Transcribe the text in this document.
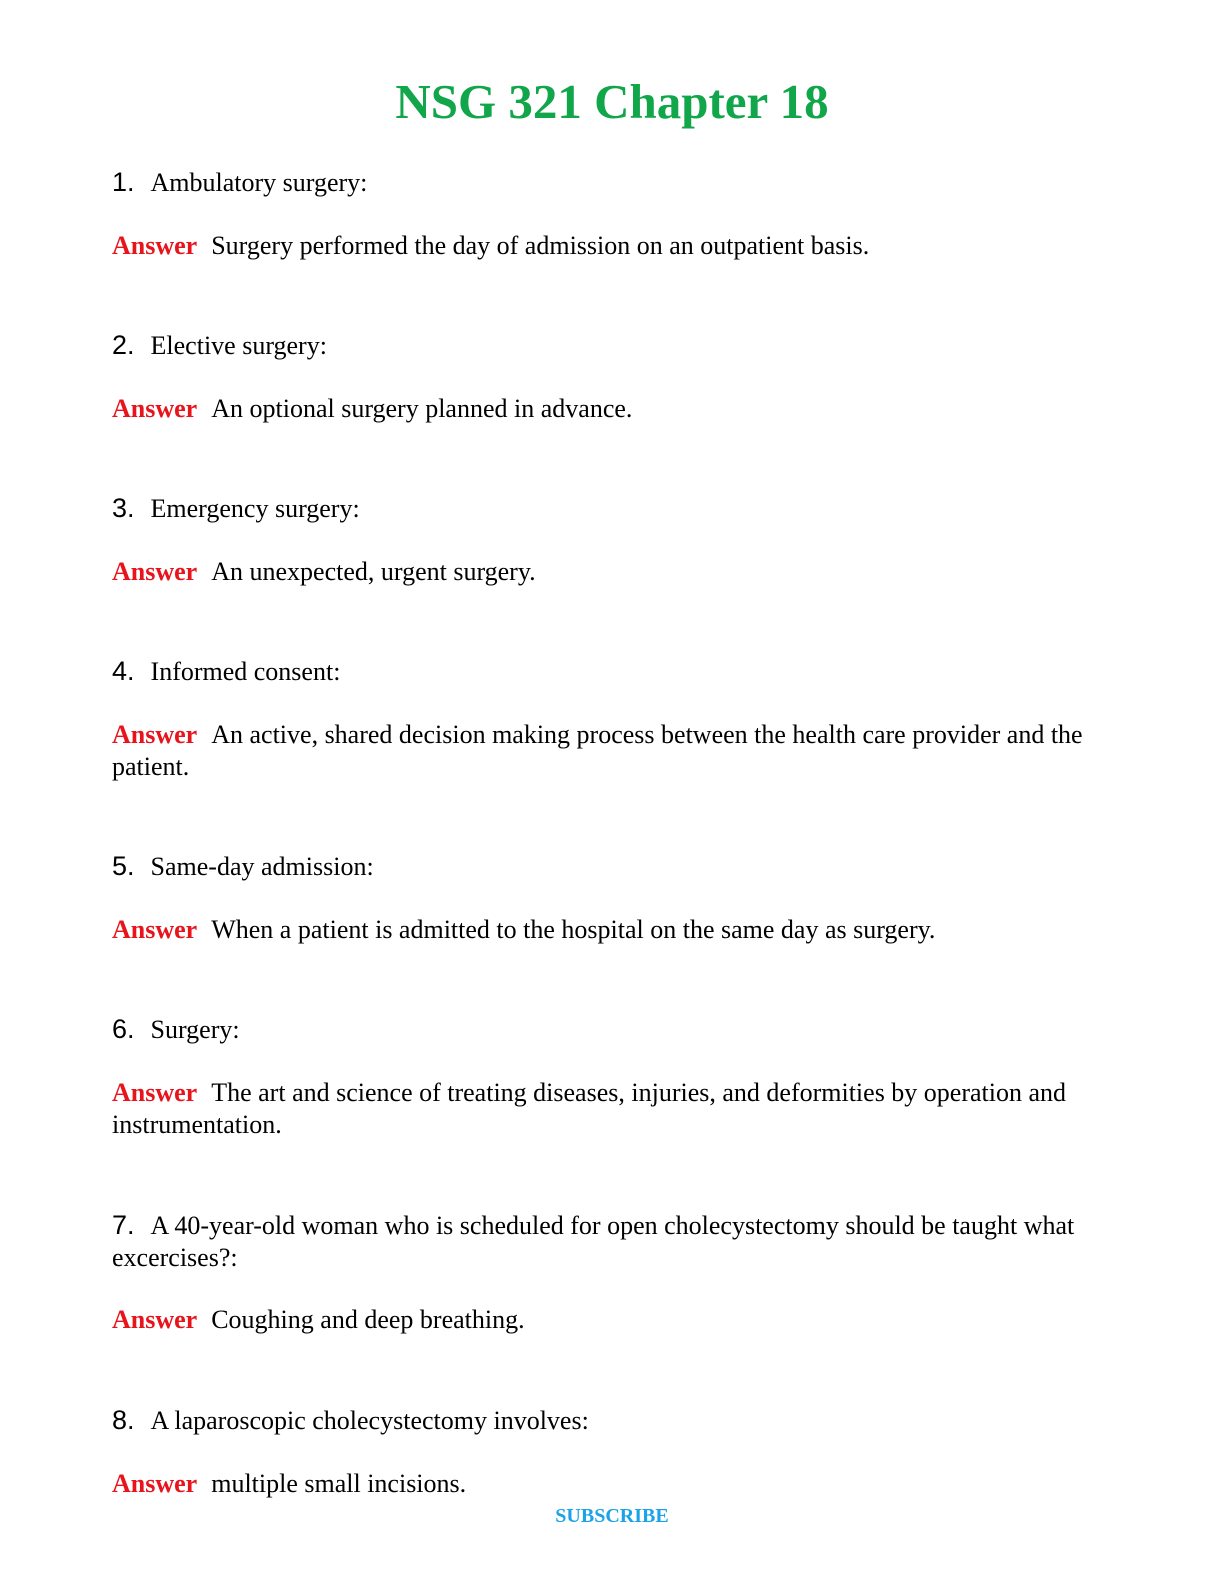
NSG 321 Chapter 18

1. Ambulatory surgery:

Answer Surgery performed the day of admission on an outpatient basis.

2. Elective surgery:

Answer An optional surgery planned in advance.

3. Emergency surgery:

Answer An unexpected, urgent surgery.

4. Informed consent:

Answer An active, shared decision making process between the health care provider and the patient.

5. Same-day admission:

Answer When a patient is admitted to the hospital on the same day as surgery.

6. Surgery:

Answer The art and science of treating diseases, injuries, and deformities by operation and instrumentation.

7. A 40-year-old woman who is scheduled for open cholecystectomy should be taught what excercises?:

Answer Coughing and deep breathing.

8. A laparoscopic cholecystectomy involves:

Answer multiple small incisions.

SUBSCRIBE
